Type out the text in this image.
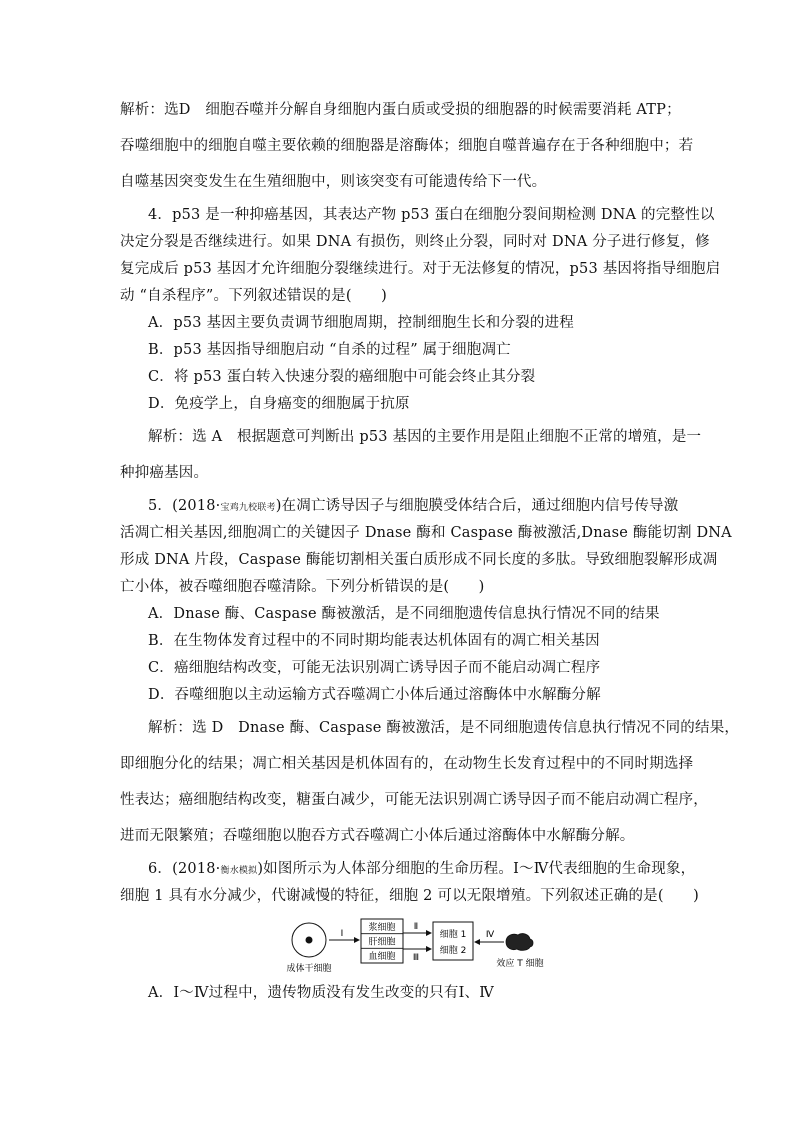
解析：选D　细胞吞噬并分解自身细胞内蛋白质或受损的细胞器的时候需要消耗 ATP；
吞噬细胞中的细胞自噬主要依赖的细胞器是溶酶体；细胞自噬普遍存在于各种细胞中；若
自噬基因突变发生在生殖细胞中，则该突变有可能遗传给下一代。
4．p53 是一种抑癌基因，其表达产物 p53 蛋白在细胞分裂间期检测 DNA 的完整性以
决定分裂是否继续进行。如果 DNA 有损伤，则终止分裂，同时对 DNA 分子进行修复，修
复完成后 p53 基因才允许细胞分裂继续进行。对于无法修复的情况，p53 基因将指导细胞启
动 “自杀程序”。下列叙述错误的是(　　)
A．p53 基因主要负责调节细胞周期，控制细胞生长和分裂的进程
B．p53 基因指导细胞启动 “自杀的过程” 属于细胞凋亡
C．将 p53 蛋白转入快速分裂的癌细胞中可能会终止其分裂
D．免疫学上，自身癌变的细胞属于抗原
解析：选 A　根据题意可判断出 p53 基因的主要作用是阻止细胞不正常的增殖，是一
种抑癌基因。
5．(2018·宝鸡九校联考)在凋亡诱导因子与细胞膜受体结合后，通过细胞内信号传导激
活凋亡相关基因,细胞凋亡的关键因子 Dnase 酶和 Caspase 酶被激活,Dnase 酶能切割 DNA
形成 DNA 片段，Caspase 酶能切割相关蛋白质形成不同长度的多肽。导致细胞裂解形成凋
亡小体，被吞噬细胞吞噬清除。下列分析错误的是(　　)
A．Dnase 酶、Caspase 酶被激活，是不同细胞遗传信息执行情况不同的结果
B．在生物体发育过程中的不同时期均能表达机体固有的凋亡相关基因
C．癌细胞结构改变，可能无法识别凋亡诱导因子而不能启动凋亡程序
D．吞噬细胞以主动运输方式吞噬凋亡小体后通过溶酶体中水解酶分解
解析：选 D　Dnase 酶、Caspase 酶被激活，是不同细胞遗传信息执行情况不同的结果，
即细胞分化的结果；凋亡相关基因是机体固有的，在动物生长发育过程中的不同时期选择
性表达；癌细胞结构改变，糖蛋白减少，可能无法识别凋亡诱导因子而不能启动凋亡程序，
进而无限繁殖；吞噬细胞以胞吞方式吞噬凋亡小体后通过溶酶体中水解酶分解。
6．(2018·衡水模拟)如图所示为人体部分细胞的生命历程。Ⅰ～Ⅳ代表细胞的生命现象，
细胞 1 具有水分减少，代谢减慢的特征，细胞 2 可以无限增殖。下列叙述正确的是(　　)
成体干细胞
Ⅰ
浆细胞
肝细胞
血细胞
Ⅱ
Ⅲ
细胞 1
细胞 2
Ⅳ
效应 T 细胞
A．Ⅰ～Ⅳ过程中，遗传物质没有发生改变的只有Ⅰ、Ⅳ
